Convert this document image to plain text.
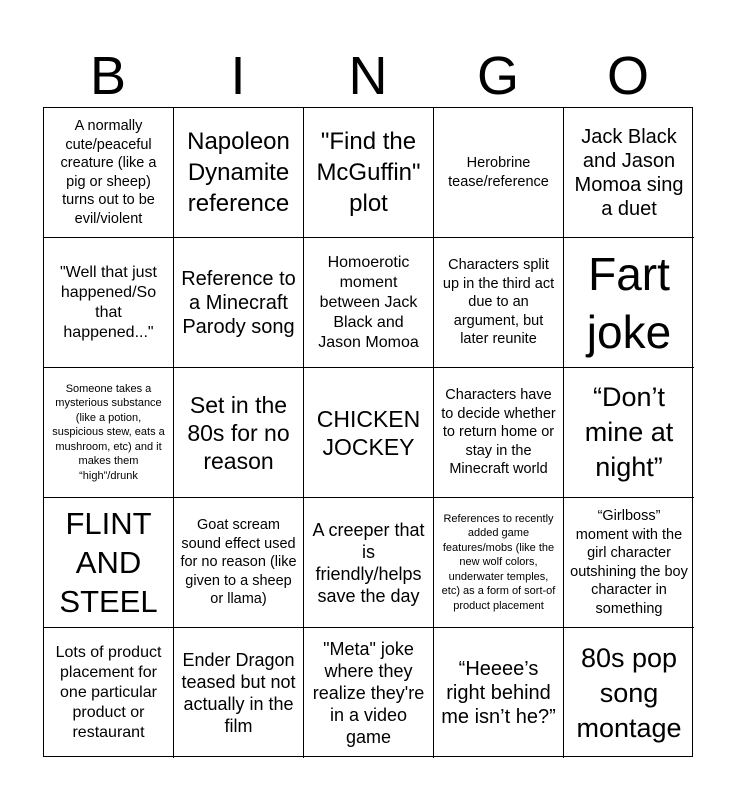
B	I	N	G	O
A normally cute/peaceful creature (like a pig or sheep) turns out to be evil/violent
Napoleon Dynamite reference
"Find the McGuffin" plot
Herobrine tease/reference
Jack Black and Jason Momoa sing a duet
"Well that just happened/So that happened..."
Reference to a Minecraft Parody song
Homoerotic moment between Jack Black and Jason Momoa
Characters split up in the third act due to an argument, but later reunite
Fart joke
Someone takes a mysterious substance (like a potion, suspicious stew, eats a mushroom, etc) and it makes them “high”/drunk
Set in the 80s for no reason
CHICKEN JOCKEY
Characters have to decide whether to return home or stay in the Minecraft world
“Don’t mine at night”
FLINT AND STEEL
Goat scream sound effect used for no reason (like given to a sheep or llama)
A creeper that is friendly/helps save the day
References to recently added game features/mobs (like the new wolf colors, underwater temples, etc) as a form of sort-of product placement
“Girlboss” moment with the girl character outshining the boy character in something
Lots of product placement for one particular product or restaurant
Ender Dragon teased but not actually in the film
"Meta" joke where they realize they're in a video game
“Heeee’s right behind me isn’t he?”
80s pop song montage
